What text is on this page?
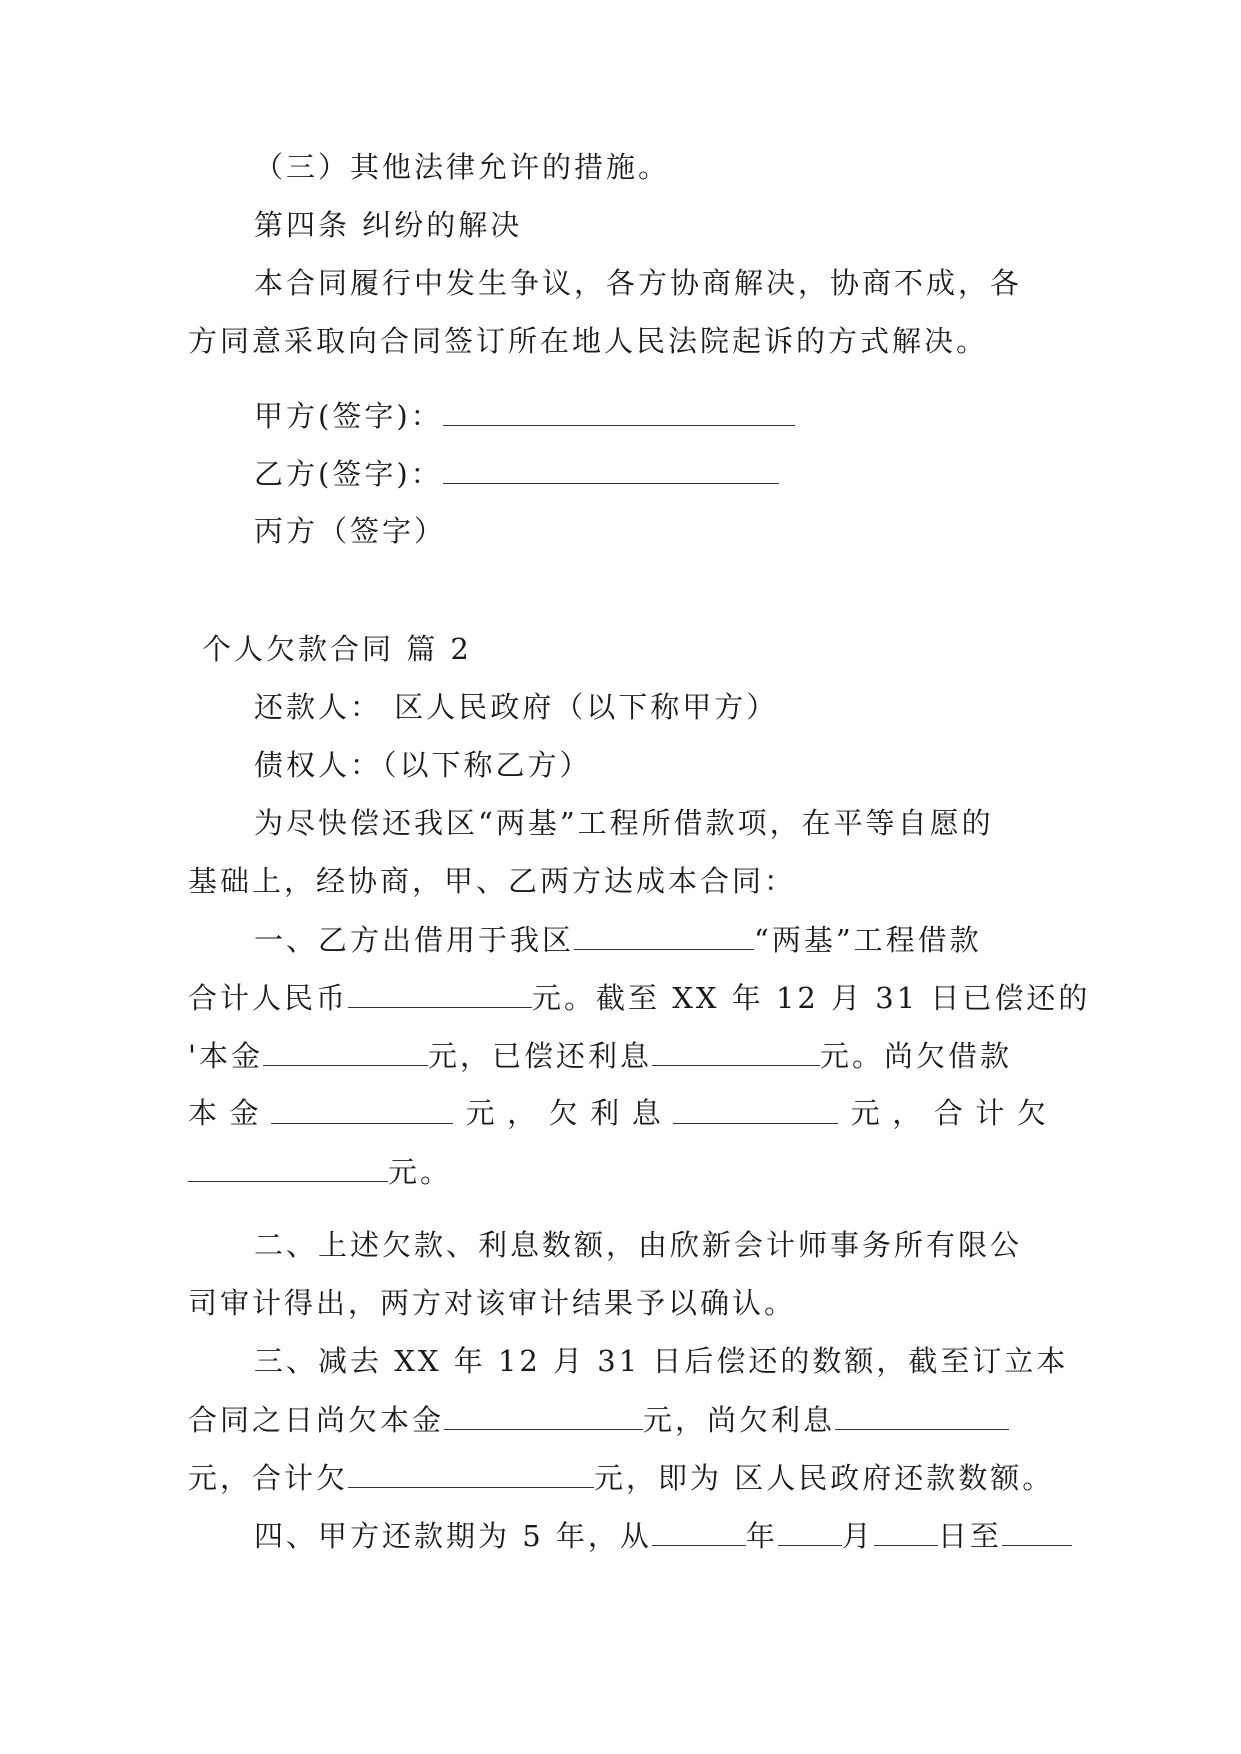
（三）其他法律允许的措施。
第四条 纠纷的解决
本合同履行中发生争议，各方协商解决，协商不成，各
方同意采取向合同签订所在地人民法院起诉的方式解决。
甲方(签字)：
乙方(签字)：
丙方（签字）
个人欠款合同 篇 2
还款人： 区人民政府（以下称甲方）
债权人：（以下称乙方）
为尽快偿还我区“两基”工程所借款项，在平等自愿的
基础上，经协商，甲、乙两方达成本合同：
一、乙方出借用于我区	“两基”工程借款
合计人民币	元。截至 XX 年 12 月 31 日已偿还的
'本金	元，已偿还利息	元。尚欠借款
本 金	元 ， 欠 利 息	元 ， 合 计 欠
元。
二、上述欠款、利息数额，由欣新会计师事务所有限公
司审计得出，两方对该审计结果予以确认。
三、减去 XX 年 12 月 31 日后偿还的数额，截至订立本
合同之日尚欠本金	元，尚欠利息
元，合计欠	元，即为 区人民政府还款数额。
四、甲方还款期为 5 年，从	年 月 日至
